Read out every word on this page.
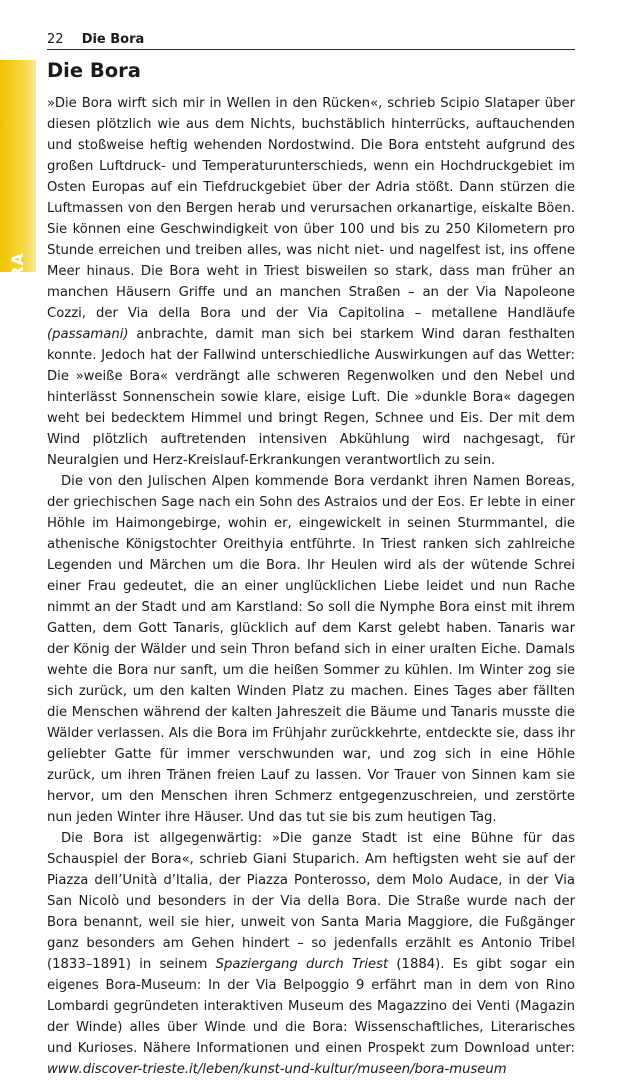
22 Die Bora
EXTRA
Die Bora

»Die Bora wirft sich mir in Wellen in den Rücken«, schrieb Scipio Slataper über diesen plötzlich wie aus dem Nichts, buchstäblich hinterrücks, auftauchenden und stoßweise heftig wehenden Nordostwind. Die Bora entsteht aufgrund des großen Luftdruck- und Temperaturunterschieds, wenn ein Hochdruckgebiet im Osten Europas auf ein Tiefdruckgebiet über der Adria stößt. Dann stürzen die Luftmassen von den Bergen herab und verursachen orkanartige, eiskalte Böen. Sie können eine Geschwindigkeit von über 100 und bis zu 250 Kilometern pro Stunde erreichen und treiben alles, was nicht niet- und nagelfest ist, ins offene Meer hinaus. Die Bora weht in Triest bisweilen so stark, dass man früher an manchen Häusern Griffe und an manchen Straßen – an der Via Napoleone Cozzi, der Via della Bora und der Via Capitolina – metallene Handläufe (passamani) anbrachte, damit man sich bei starkem Wind daran festhalten konnte. Jedoch hat der Fallwind unterschiedliche Auswirkungen auf das Wetter: Die »weiße Bora« verdrängt alle schweren Regenwolken und den Nebel und hinterlässt Sonnenschein sowie klare, eisige Luft. Die »dunkle Bora« dagegen weht bei bedecktem Himmel und bringt Regen, Schnee und Eis. Der mit dem Wind plötzlich auftretenden intensiven Abkühlung wird nachgesagt, für Neuralgien und Herz-Kreislauf-Erkrankungen verantwortlich zu sein.

Die von den Julischen Alpen kommende Bora verdankt ihren Namen Boreas, der griechischen Sage nach ein Sohn des Astraios und der Eos. Er lebte in einer Höhle im Haimongebirge, wohin er, eingewickelt in seinen Sturmmantel, die athenische Königstochter Oreithyia entführte. In Triest ranken sich zahlreiche Legenden und Märchen um die Bora. Ihr Heulen wird als der wütende Schrei einer Frau gedeutet, die an einer unglücklichen Liebe leidet und nun Rache nimmt an der Stadt und am Karstland: So soll die Nymphe Bora einst mit ihrem Gatten, dem Gott Tanaris, glücklich auf dem Karst gelebt haben. Tanaris war der König der Wälder und sein Thron befand sich in einer uralten Eiche. Damals wehte die Bora nur sanft, um die heißen Sommer zu kühlen. Im Winter zog sie sich zurück, um den kalten Winden Platz zu machen. Eines Tages aber fällten die Menschen während der kalten Jahreszeit die Bäume und Tanaris musste die Wälder verlassen. Als die Bora im Frühjahr zurückkehrte, entdeckte sie, dass ihr geliebter Gatte für immer verschwunden war, und zog sich in eine Höhle zurück, um ihren Tränen freien Lauf zu lassen. Vor Trauer von Sinnen kam sie hervor, um den Menschen ihren Schmerz entgegenzuschreien, und zerstörte nun jeden Winter ihre Häuser. Und das tut sie bis zum heutigen Tag.

Die Bora ist allgegenwärtig: »Die ganze Stadt ist eine Bühne für das Schauspiel der Bora«, schrieb Giani Stuparich. Am heftigsten weht sie auf der Piazza dell’Unità d’Italia, der Piazza Ponterosso, dem Molo Audace, in der Via San Nicolò und besonders in der Via della Bora. Die Straße wurde nach der Bora benannt, weil sie hier, unweit von Santa Maria Maggiore, die Fußgänger ganz besonders am Gehen hindert – so jedenfalls erzählt es Antonio Tribel (1833–1891) in seinem Spaziergang durch Triest (1884). Es gibt sogar ein eigenes Bora-Museum: In der Via Belpoggio 9 erfährt man in dem von Rino Lombardi gegründeten interaktiven Museum des Magazzino dei Venti (Magazin der Winde) alles über Winde und die Bora: Wissenschaftliches, Literarisches und Kurioses. Nähere Informationen und einen Prospekt zum Download unter: www.discover-trieste.it/leben/kunst-und-kultur/museen/bora-museum
